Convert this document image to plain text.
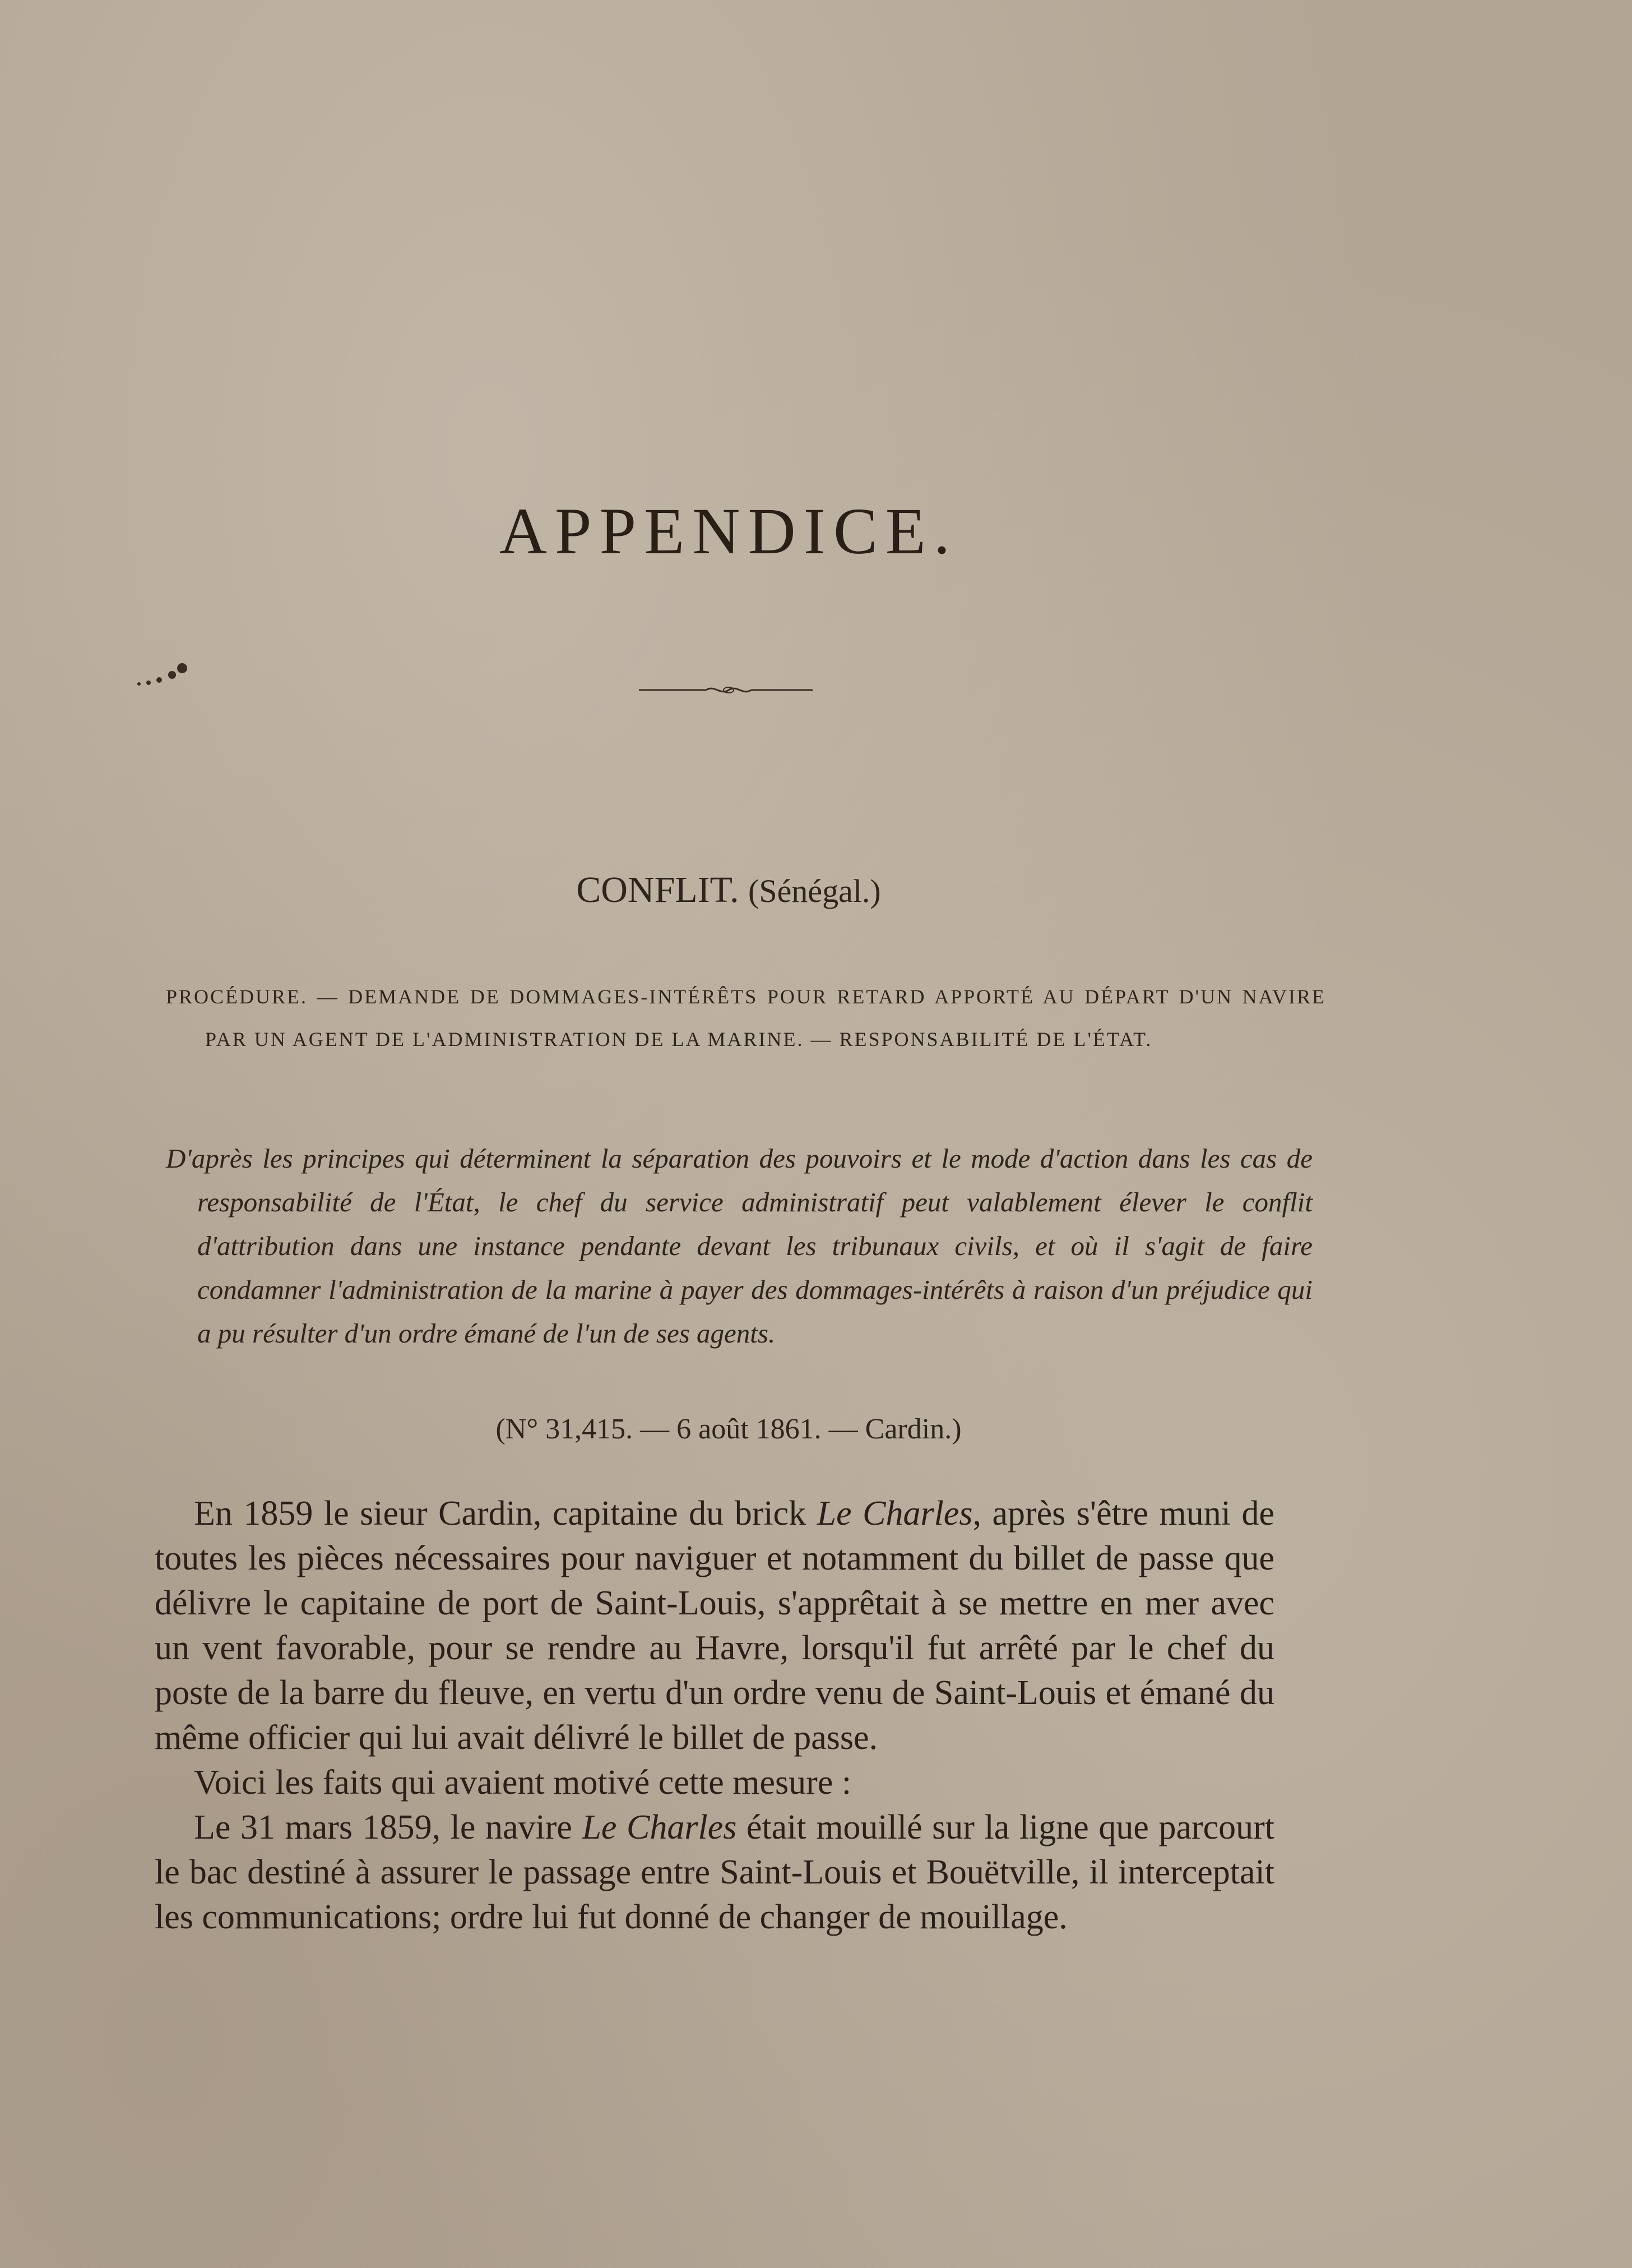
APPENDICE.
CONFLIT. (Sénégal.)
PROCÉDURE. — DEMANDE DE DOMMAGES-INTÉRÊTS POUR RETARD APPORTÉ AU DÉPART D'UN NAVIRE PAR UN AGENT DE L'ADMINISTRATION DE LA MARINE. — RESPONSABILITÉ DE L'ÉTAT.
D'après les principes qui déterminent la séparation des pouvoirs et le mode d'action dans les cas de responsabilité de l'État, le chef du service administratif peut valablement élever le conflit d'attribution dans une instance pendante devant les tribunaux civils, et où il s'agit de faire condamner l'administration de la marine à payer des dommages-intérêts à raison d'un préjudice qui a pu résulter d'un ordre émané de l'un de ses agents.
(N° 31,415. — 6 août 1861. — Cardin.)

En 1859 le sieur Cardin, capitaine du brick Le Charles, après s'être muni de toutes les pièces nécessaires pour naviguer et notamment du billet de passe que délivre le capitaine de port de Saint-Louis, s'apprêtait à se mettre en mer avec un vent favorable, pour se rendre au Havre, lorsqu'il fut arrêté par le chef du poste de la barre du fleuve, en vertu d'un ordre venu de Saint-Louis et émané du même officier qui lui avait délivré le billet de passe.

Voici les faits qui avaient motivé cette mesure :

Le 31 mars 1859, le navire Le Charles était mouillé sur la ligne que parcourt le bac destiné à assurer le passage entre Saint-Louis et Bouëtville, il interceptait les communications; ordre lui fut donné de changer de mouillage.
